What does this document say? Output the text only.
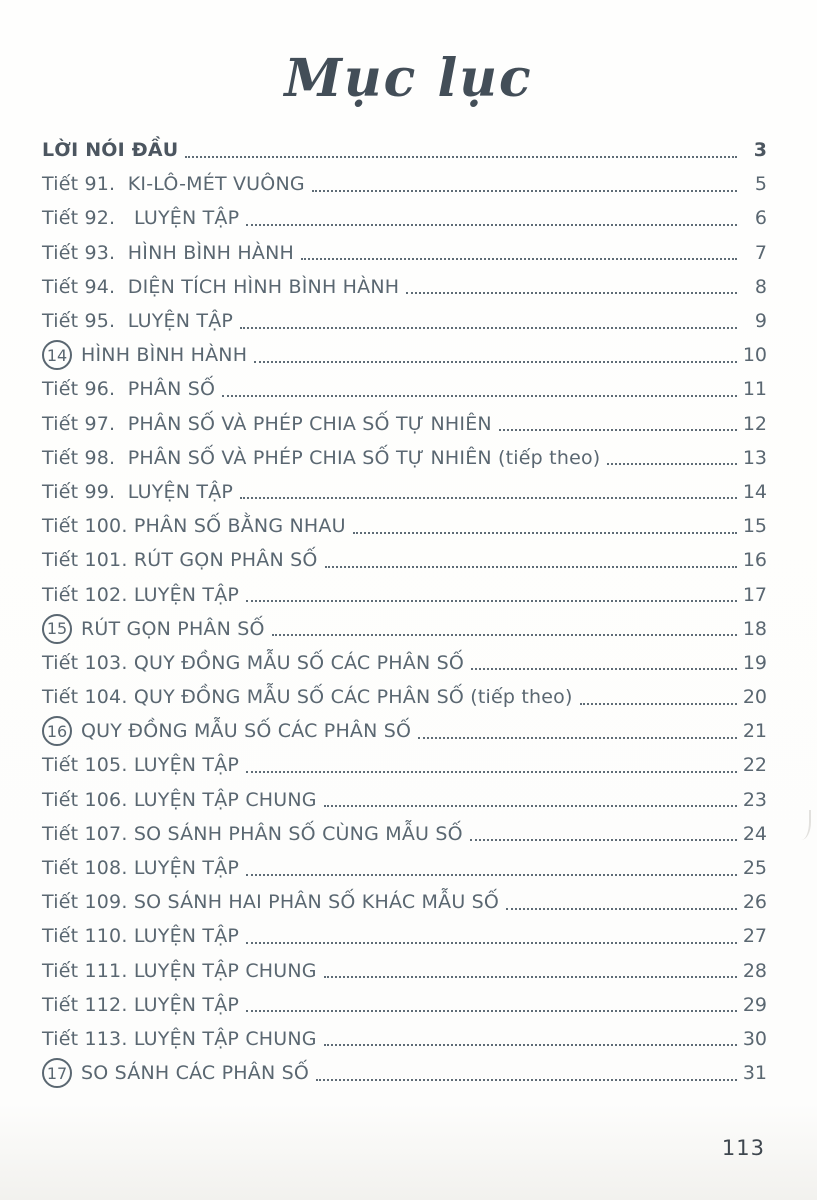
Mục lục
LỜI NÓI ĐẦU	3
Tiết 91.  KI-LÔ-MÉT VUÔNG	5
Tiết 92.   LUYỆN TẬP	6
Tiết 93.  HÌNH BÌNH HÀNH	7
Tiết 94.  DIỆN TÍCH HÌNH BÌNH HÀNH	8
Tiết 95.  LUYỆN TẬP	9
14 HÌNH BÌNH HÀNH	10
Tiết 96.  PHÂN SỐ	11
Tiết 97.  PHÂN SỐ VÀ PHÉP CHIA SỐ TỰ NHIÊN	12
Tiết 98.  PHÂN SỐ VÀ PHÉP CHIA SỐ TỰ NHIÊN (tiếp theo)	13
Tiết 99.  LUYỆN TẬP	14
Tiết 100. PHÂN SỐ BẰNG NHAU	15
Tiết 101. RÚT GỌN PHÂN SỐ	16
Tiết 102. LUYỆN TẬP	17
15 RÚT GỌN PHÂN SỐ	18
Tiết 103. QUY ĐỒNG MẪU SỐ CÁC PHÂN SỐ	19
Tiết 104. QUY ĐỒNG MẪU SỐ CÁC PHÂN SỐ (tiếp theo)	20
16 QUY ĐỒNG MẪU SỐ CÁC PHÂN SỐ	21
Tiết 105. LUYỆN TẬP	22
Tiết 106. LUYỆN TẬP CHUNG	23
Tiết 107. SO SÁNH PHÂN SỐ CÙNG MẪU SỐ	24
Tiết 108. LUYỆN TẬP	25
Tiết 109. SO SÁNH HAI PHÂN SỐ KHÁC MẪU SỐ	26
Tiết 110. LUYỆN TẬP	27
Tiết 111. LUYỆN TẬP CHUNG	28
Tiết 112. LUYỆN TẬP	29
Tiết 113. LUYỆN TẬP CHUNG	30
17 SO SÁNH CÁC PHÂN SỐ	31
113
